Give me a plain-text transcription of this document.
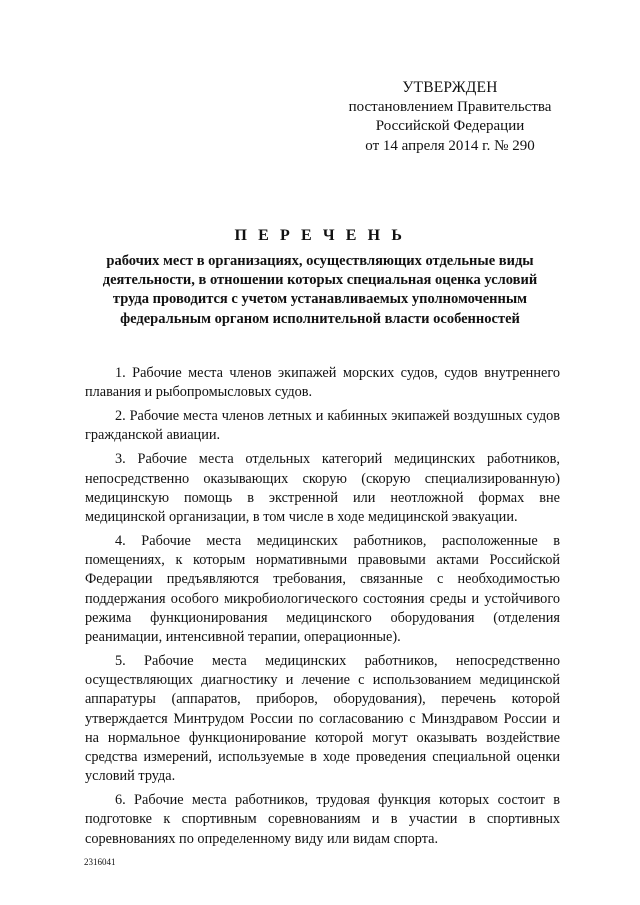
УТВЕРЖДЕН
постановлением Правительства
Российской Федерации
от 14 апреля 2014 г. № 290
П Е Р Е Ч Е Н Ь
рабочих мест в организациях, осуществляющих отдельные виды деятельности, в отношении которых специальная оценка условий труда проводится с учетом устанавливаемых уполномоченным федеральным органом исполнительной власти особенностей

1. Рабочие места членов экипажей морских судов, судов внутреннего плавания и рыбопромысловых судов.

2. Рабочие места членов летных и кабинных экипажей воздушных судов гражданской авиации.

3. Рабочие места отдельных категорий медицинских работников, непосредственно оказывающих скорую (скорую специализированную) медицинскую помощь в экстренной или неотложной формах вне медицинской организации, в том числе в ходе медицинской эвакуации.

4. Рабочие места медицинских работников, расположенные в помещениях, к которым нормативными правовыми актами Российской Федерации предъявляются требования, связанные с необходимостью поддержания особого микробиологического состояния среды и устойчивого режима функционирования медицинского оборудования (отделения реанимации, интенсивной терапии, операционные).

5. Рабочие места медицинских работников, непосредственно осуществляющих диагностику и лечение с использованием медицинской аппаратуры (аппаратов, приборов, оборудования), перечень которой утверждается Минтрудом России по согласованию с Минздравом России и на нормальное функционирование которой могут оказывать воздействие средства измерений, используемые в ходе проведения специальной оценки условий труда.

6. Рабочие места работников, трудовая функция которых состоит в подготовке к спортивным соревнованиям и в участии в спортивных соревнованиях по определенному виду или видам спорта.

2316041
